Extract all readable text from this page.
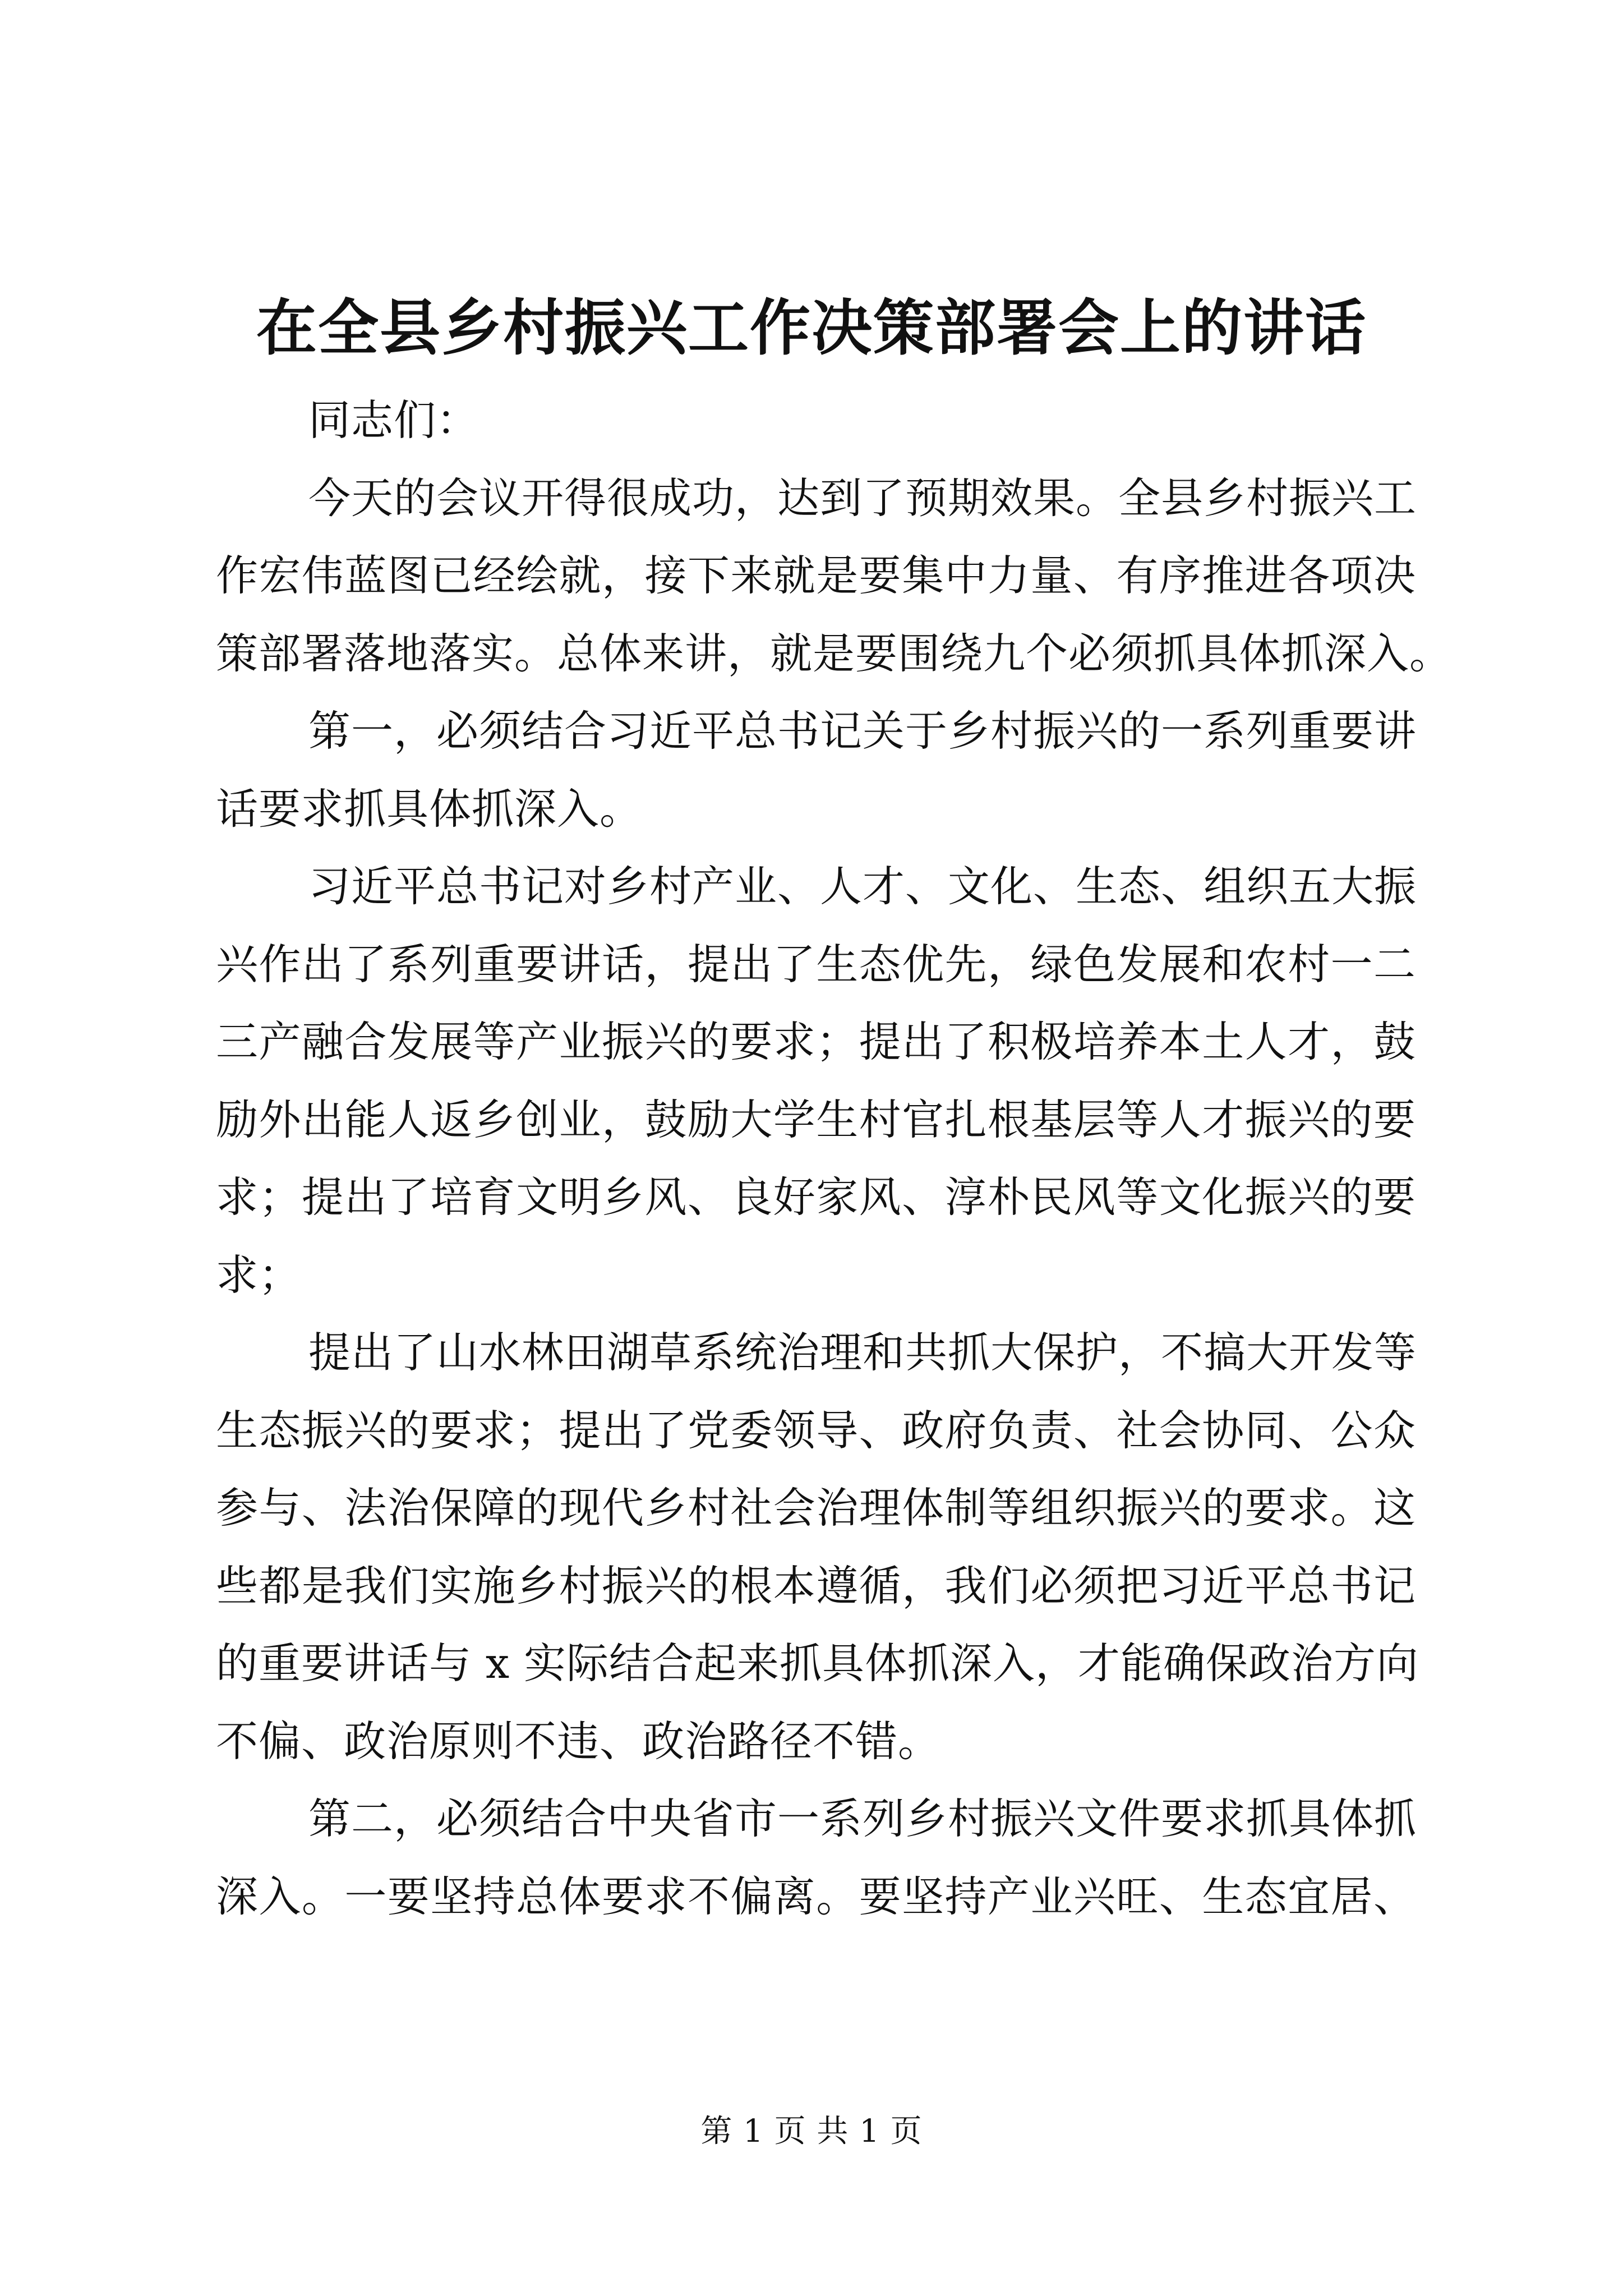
在全县乡村振兴工作决策部署会上的讲话
同志们：
今天的会议开得很成功，达到了预期效果。全县乡村振兴工
作宏伟蓝图已经绘就，接下来就是要集中力量、有序推进各项决
策部署落地落实。总体来讲，就是要围绕九个必须抓具体抓深入。
第一，必须结合习近平总书记关于乡村振兴的一系列重要讲
话要求抓具体抓深入。
习近平总书记对乡村产业、人才、文化、生态、组织五大振
兴作出了系列重要讲话，提出了生态优先，绿色发展和农村一二
三产融合发展等产业振兴的要求；提出了积极培养本土人才，鼓
励外出能人返乡创业，鼓励大学生村官扎根基层等人才振兴的要
求；提出了培育文明乡风、良好家风、淳朴民风等文化振兴的要
求；
提出了山水林田湖草系统治理和共抓大保护，不搞大开发等
生态振兴的要求；提出了党委领导、政府负责、社会协同、公众
参与、法治保障的现代乡村社会治理体制等组织振兴的要求。这
些都是我们实施乡村振兴的根本遵循，我们必须把习近平总书记
的重要讲话与 x 实际结合起来抓具体抓深入，才能确保政治方向
不偏、政治原则不违、政治路径不错。
第二，必须结合中央省市一系列乡村振兴文件要求抓具体抓
深入。一要坚持总体要求不偏离。要坚持产业兴旺、生态宜居、
第 1 页 共 1 页
